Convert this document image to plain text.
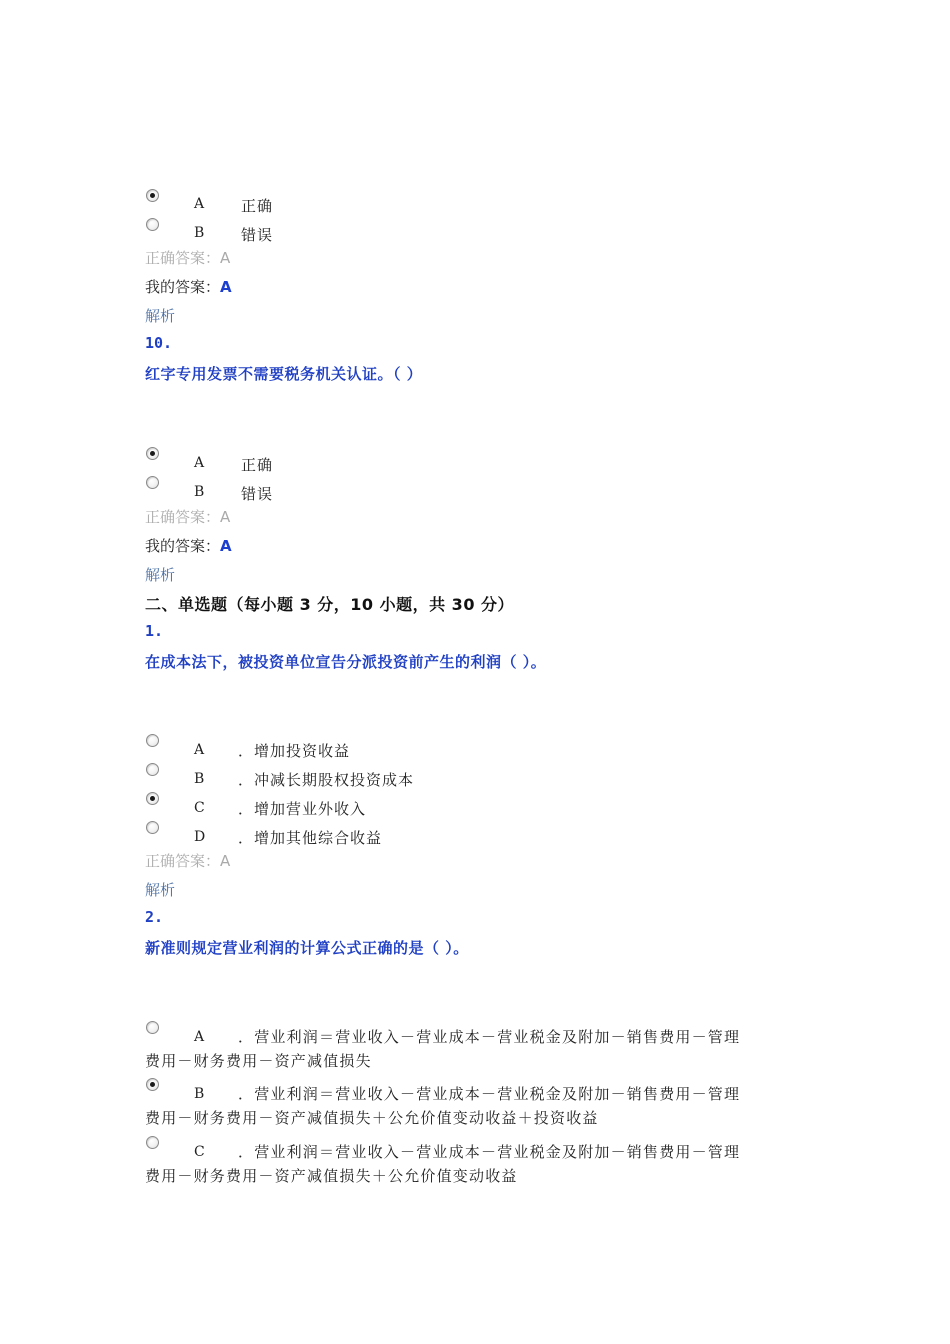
A 正确
B 错误
正确答案：A
我的答案：A
解析
10.
红字专用发票不需要税务机关认证。（ ）
A 正确
B 错误
正确答案：A
我的答案：A
解析
二、单选题（每小题 3 分，10 小题，共 30 分）
1.
在成本法下，被投资单位宣告分派投资前产生的利润（ ）。
A ．增加投资收益
B ．冲减长期股权投资成本
C ．增加营业外收入
D ．增加其他综合收益
正确答案：A
解析
2.
新准则规定营业利润的计算公式正确的是（ ）。
A ．营业利润＝营业收入－营业成本－营业税金及附加－销售费用－管理
费用－财务费用－资产减值损失
B ．营业利润＝营业收入－营业成本－营业税金及附加－销售费用－管理
费用－财务费用－资产减值损失＋公允价值变动收益＋投资收益
C ．营业利润＝营业收入－营业成本－营业税金及附加－销售费用－管理
费用－财务费用－资产减值损失＋公允价值变动收益
